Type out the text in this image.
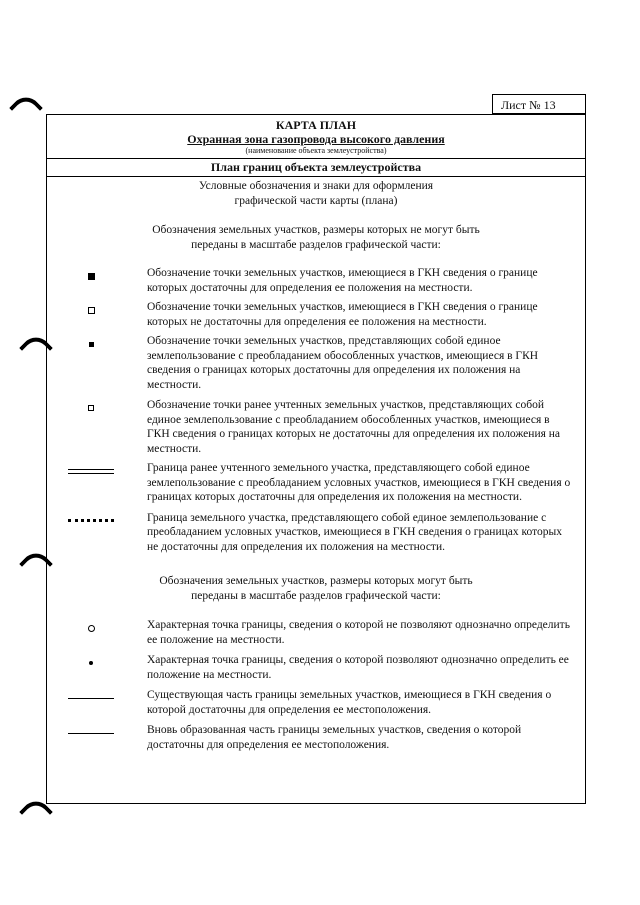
Лист № 13
КАРТА ПЛАН
Охранная зона газопровода высокого давления
(наименование объекта землеустройства)
План границ объекта землеустройства
Условные обозначения и знаки для оформления
графической части карты (плана)
Обозначения земельных участков, размеры которых не могут быть
переданы в масштабе разделов графической части:
Обозначение точки земельных участков, имеющиеся в ГКН сведения о границе которых достаточны для определения ее положения на местности.
Обозначение точки земельных участков, имеющиеся в ГКН сведения о границе которых не достаточны для определения ее положения на местности.
Обозначение точки земельных участков, представляющих собой единое землепользование с преобладанием обособленных участков, имеющиеся в ГКН сведения о границах которых достаточны для определения их положения на местности.
Обозначение точки ранее учтенных земельных участков, представляющих собой единое землепользование с преобладанием обособленных участков, имеющиеся в ГКН сведения о границах которых не достаточны для определения их положения на местности.
Граница ранее учтенного земельного участка, представляющего собой единое землепользование с преобладанием условных участков, имеющиеся в ГКН сведения о границах которых достаточны для определения их положения на местности.
Граница земельного участка, представляющего собой единое землепользование с преобладанием условных участков, имеющиеся в ГКН сведения о границах которых не достаточны для определения их положения на местности.
Обозначения земельных участков, размеры которых могут быть
переданы в масштабе разделов графической части:
Характерная точка границы, сведения о которой не позволяют однозначно определить ее положение на местности.
Характерная точка границы, сведения о которой позволяют однозначно определить ее положение на местности.
Существующая часть границы земельных участков, имеющиеся в ГКН сведения о которой достаточны для определения ее местоположения.
Вновь образованная часть границы земельных участков, сведения о которой достаточны для определения ее местоположения.
